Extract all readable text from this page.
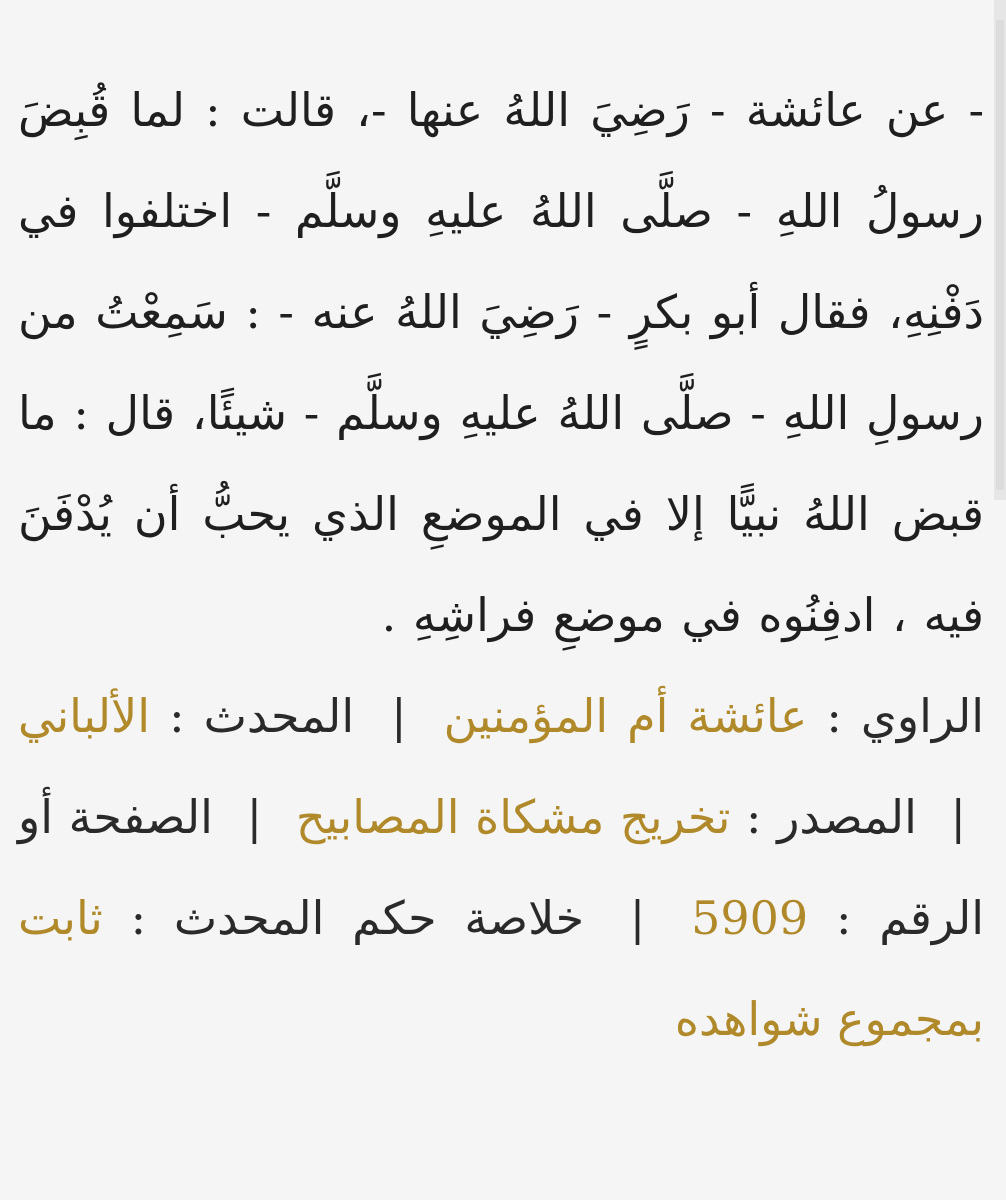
- عن عائشة - رَضِيَ اللهُ عنها -، قالت : لما قُبِضَ رسولُ اللهِ - صلَّى اللهُ عليهِ وسلَّم - اختلفوا في دَفْنِهِ، فقال أبو بكرٍ - رَضِيَ اللهُ عنه - : سَمِعْتُ من رسولِ اللهِ - صلَّى اللهُ عليهِ وسلَّم - شيئًا، قال : ما قبض اللهُ نبيًّا إلا في الموضعِ الذي يحبُّ أن يُدْفَنَ فيه ، ادفِنُوه في موضعِ فراشِهِ .

الراوي : عائشة أم المؤمنين | المحدث : الألباني | المصدر : تخريج مشكاة المصابيح | الصفحة أو الرقم : 5909 | خلاصة حكم المحدث : ثابت بمجموع شواهده
